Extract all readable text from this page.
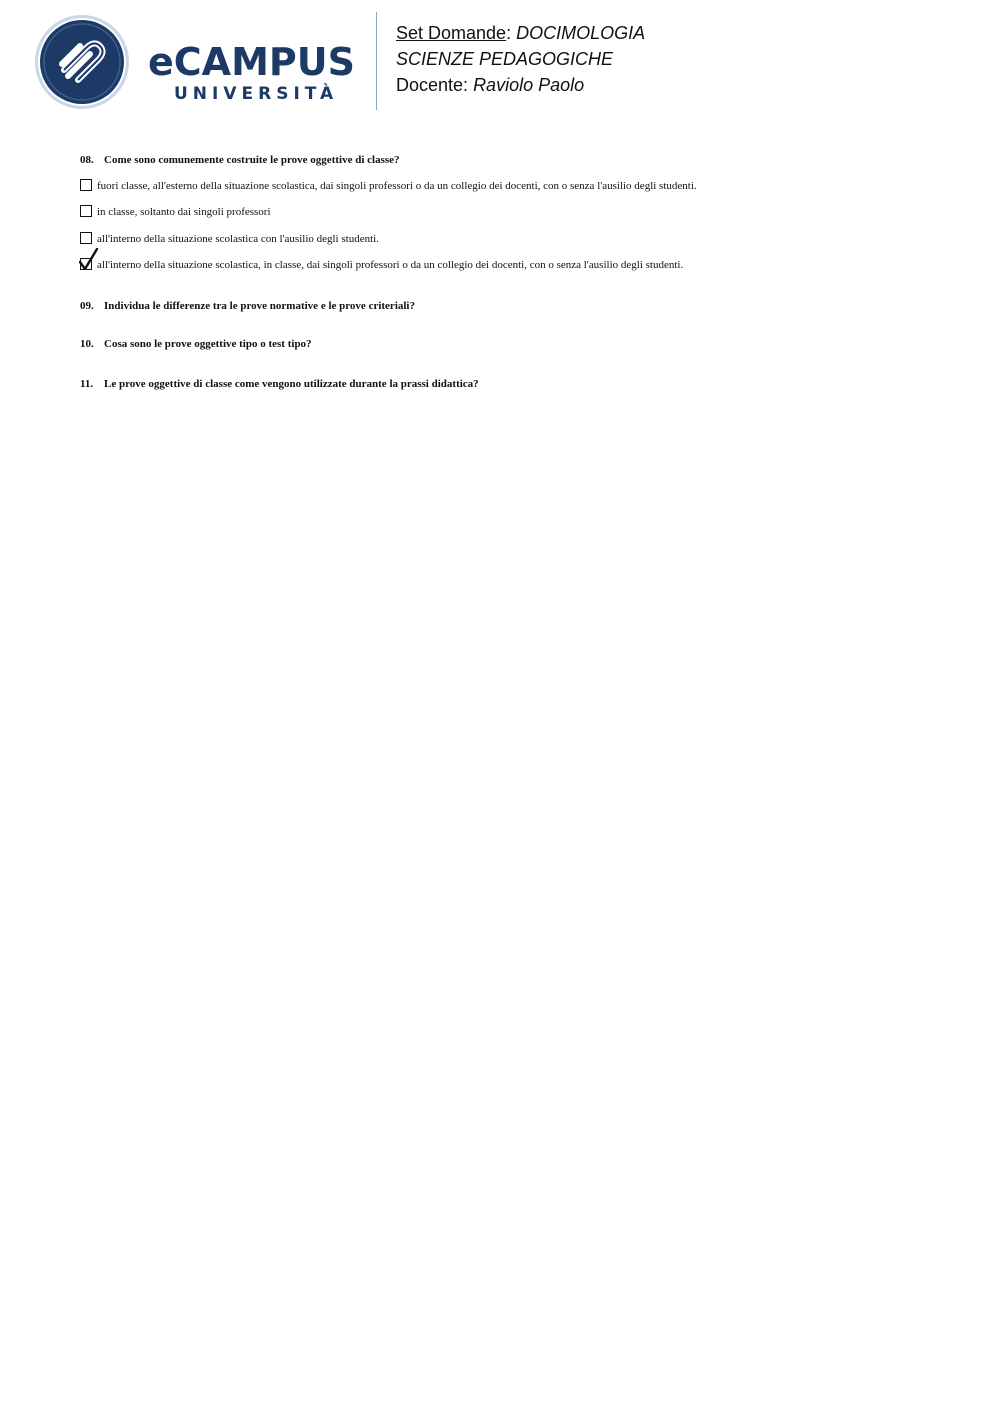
eCAMPUS
UNIVERSITÀ
Set Domande: DOCIMOLOGIA
SCIENZE PEDAGOGICHE
Docente: Raviolo Paolo
08. Come sono comunemente costruite le prove oggettive di classe?
fuori classe, all'esterno della situazione scolastica, dai singoli professori o da un collegio dei docenti, con o senza l'ausilio degli studenti.
in classe, soltanto dai singoli professori
all'interno della situazione scolastica con l'ausilio degli studenti.
all'interno della situazione scolastica, in classe, dai singoli professori o da un collegio dei docenti, con o senza l'ausilio degli studenti.
09. Individua le differenze tra le prove normative e le prove criteriali?
10. Cosa sono le prove oggettive tipo o test tipo?
11. Le prove oggettive di classe come vengono utilizzate durante la prassi didattica?
